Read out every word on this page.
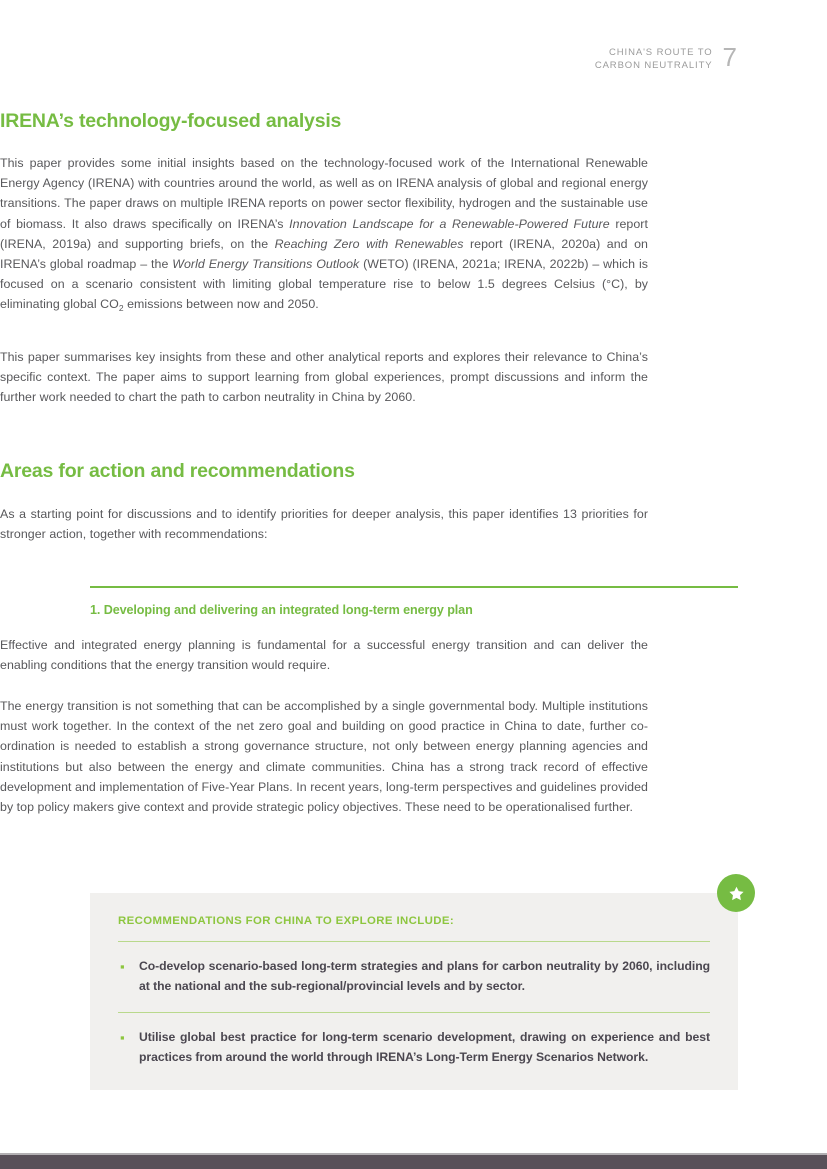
CHINA'S ROUTE TO
CARBON NEUTRALITY 7
IRENA’s technology-focused analysis

This paper provides some initial insights based on the technology-focused work of the International Renewable Energy Agency (IRENA) with countries around the world, as well as on IRENA analysis of global and regional energy transitions. The paper draws on multiple IRENA reports on power sector flexibility, hydrogen and the sustainable use of biomass. It also draws specifically on IRENA’s Innovation Landscape for a Renewable-Powered Future report (IRENA, 2019a) and supporting briefs, on the Reaching Zero with Renewables report (IRENA, 2020a) and on IRENA’s global roadmap – the World Energy Transitions Outlook (WETO) (IRENA, 2021a; IRENA, 2022b) – which is focused on a scenario consistent with limiting global temperature rise to below 1.5 degrees Celsius (°C), by eliminating global $CO_2$ emissions between now and 2050.

This paper summarises key insights from these and other analytical reports and explores their relevance to China’s specific context. The paper aims to support learning from global experiences, prompt discussions and inform the further work needed to chart the path to carbon neutrality in China by 2060.

Areas for action and recommendations

As a starting point for discussions and to identify priorities for deeper analysis, this paper identifies 13 priorities for stronger action, together with recommendations:

1. Developing and delivering an integrated long-term energy plan

Effective and integrated energy planning is fundamental for a successful energy transition and can deliver the enabling conditions that the energy transition would require.

The energy transition is not something that can be accomplished by a single governmental body. Multiple institutions must work together. In the context of the net zero goal and building on good practice in China to date, further co-ordination is needed to establish a strong governance structure, not only between energy planning agencies and institutions but also between the energy and climate communities. China has a strong track record of effective development and implementation of Five-Year Plans. In recent years, long-term perspectives and guidelines provided by top policy makers give context and provide strategic policy objectives. These need to be operationalised further.

RECOMMENDATIONS FOR CHINA TO EXPLORE INCLUDE:
▪ Co-develop scenario-based long-term strategies and plans for carbon neutrality by 2060, including at the national and the sub-regional/provincial levels and by sector.
▪ Utilise global best practice for long-term scenario development, drawing on experience and best practices from around the world through IRENA’s Long-Term Energy Scenarios Network.
